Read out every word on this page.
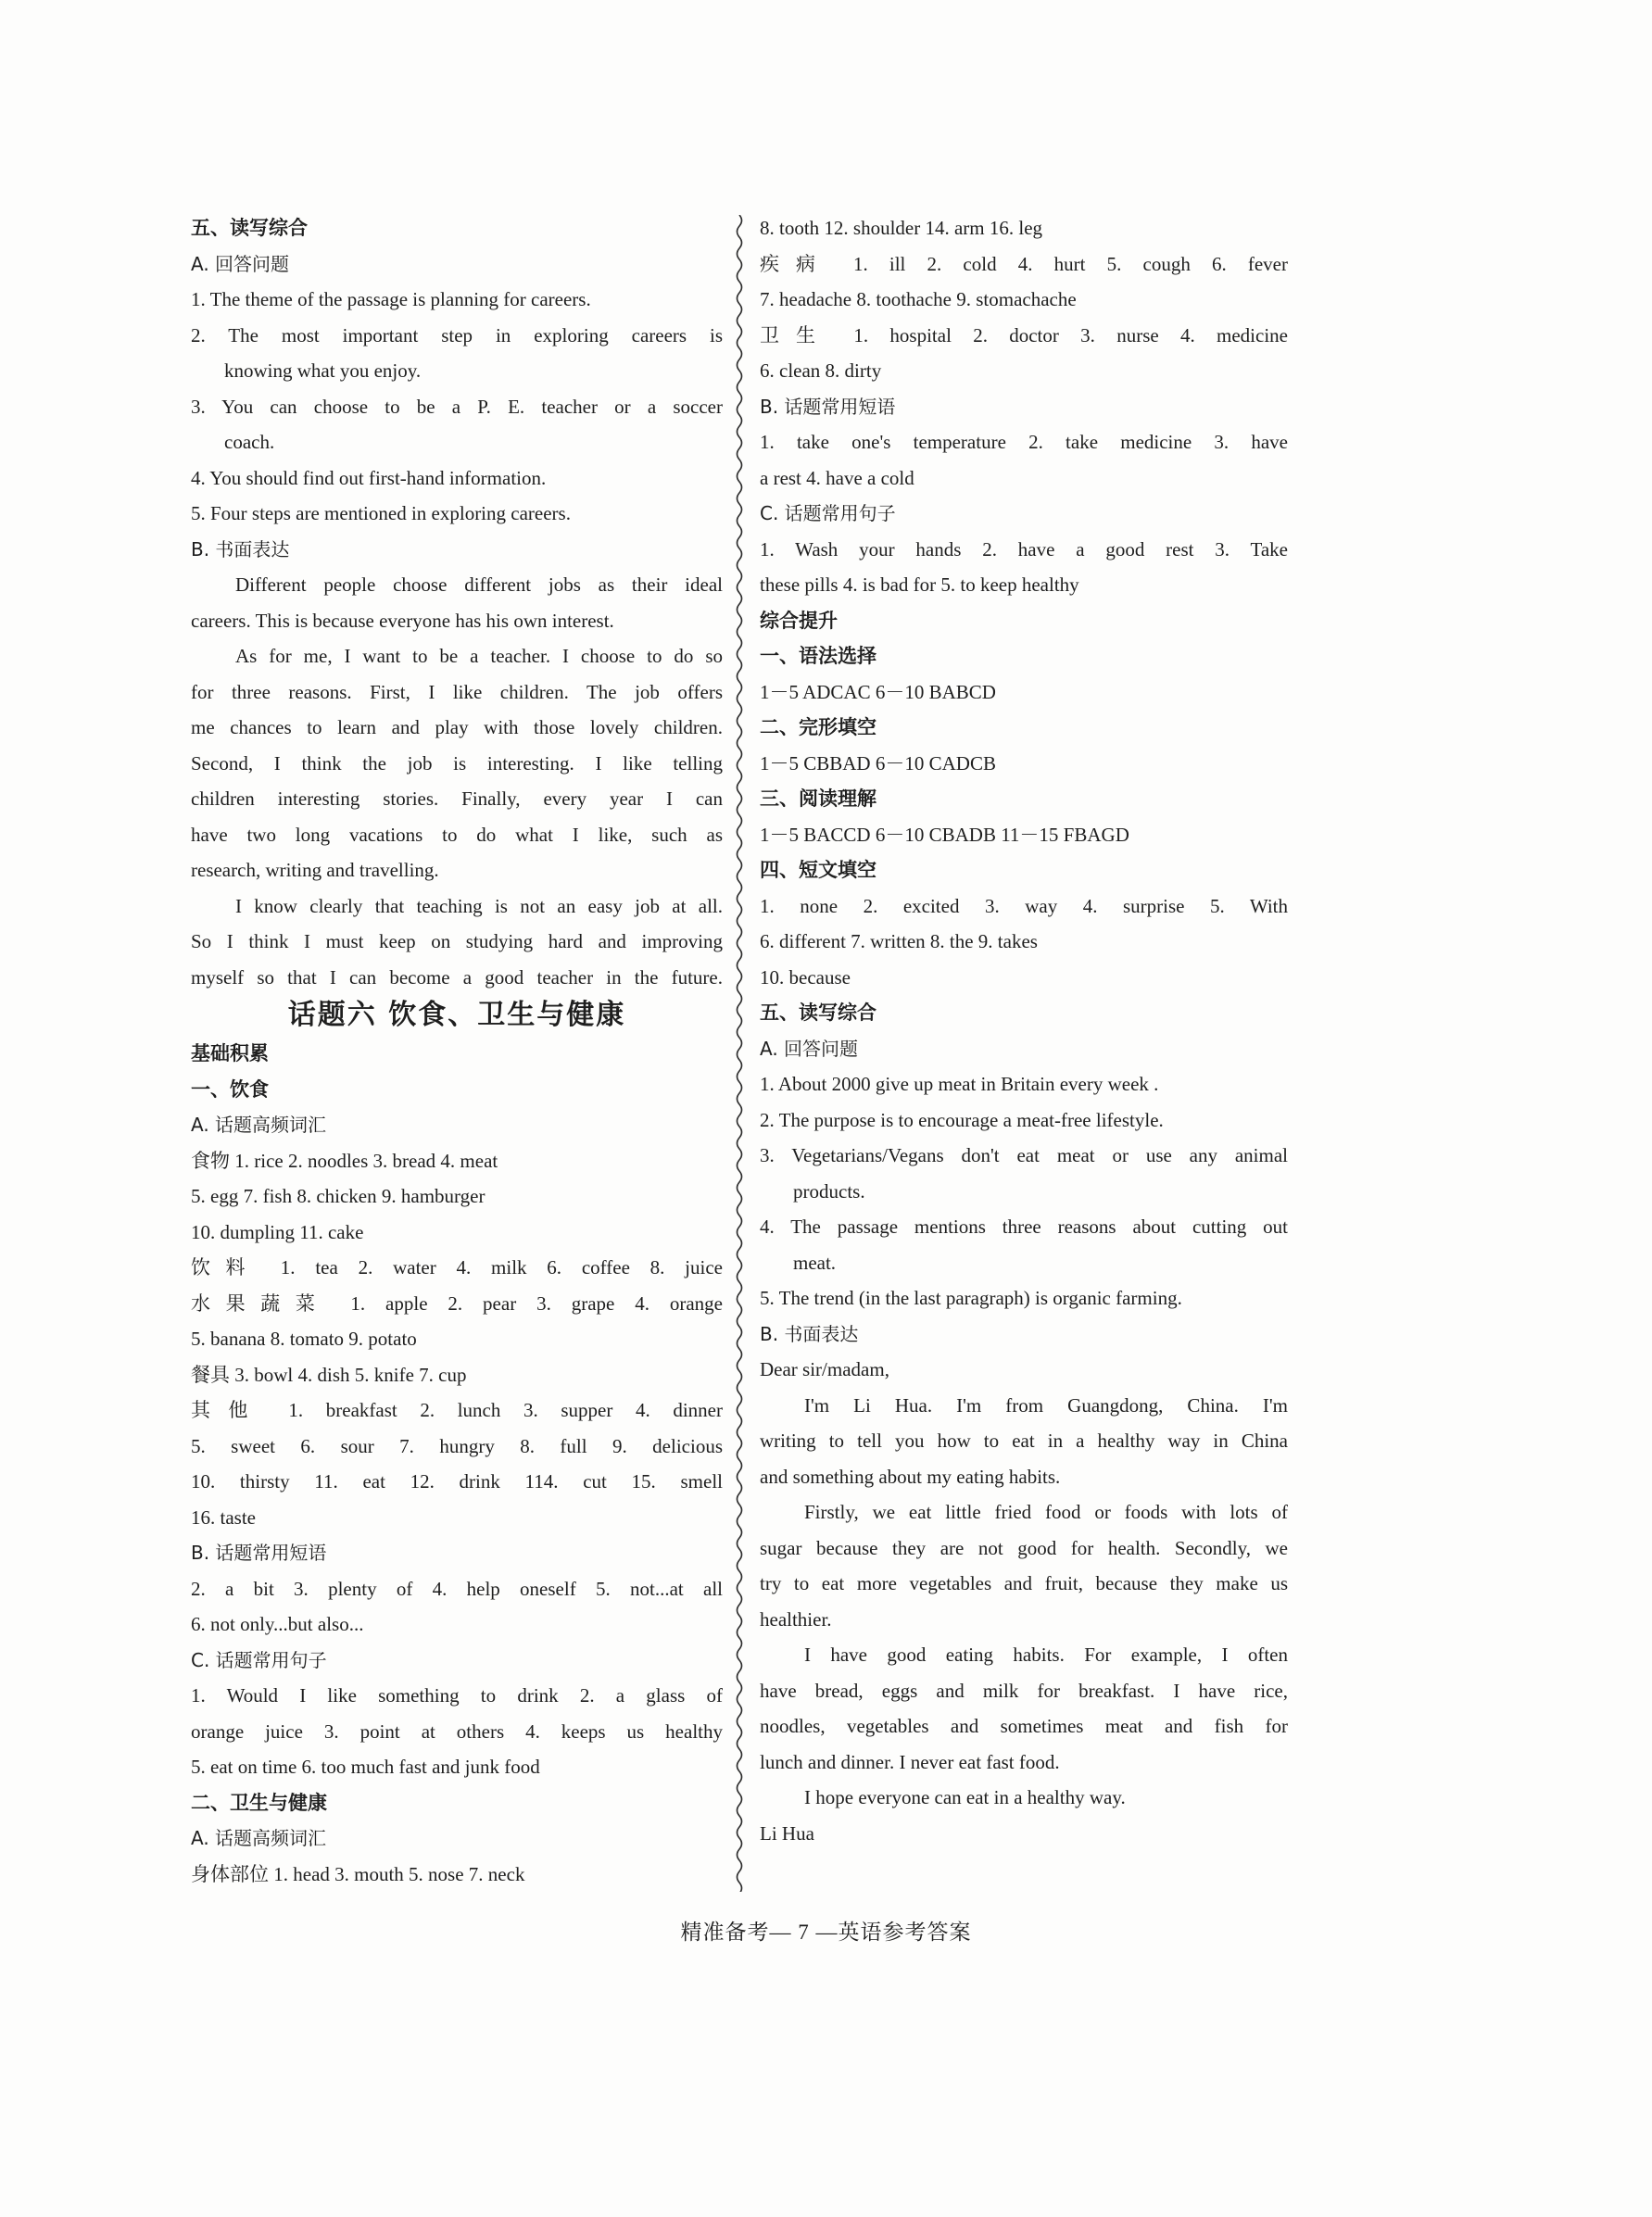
五、读写综合
A. 回答问题
1. The theme of the passage is planning for careers.
2. The most important step in exploring careers is
knowing what you enjoy.
3. You can choose to be a P. E. teacher or a soccer
coach.
4. You should find out first-hand information.
5. Four steps are mentioned in exploring careers.
B. 书面表达
Different people choose different jobs as their ideal
careers. This is because everyone has his own interest.
As for me, I want to be a teacher. I choose to do so
for three reasons. First, I like children. The job offers
me chances to learn and play with those lovely children.
Second, I think the job is interesting. I like telling
children interesting stories. Finally, every year I can
have two long vacations to do what I like, such as
research, writing and travelling.
I know clearly that teaching is not an easy job at all.
So I think I must keep on studying hard and improving
myself so that I can become a good teacher in the future.
话题六 饮食、卫生与健康
基础积累
一、饮食
A. 话题高频词汇
食物 1. rice 2. noodles 3. bread 4. meat
5. egg 7. fish 8. chicken 9. hamburger
10. dumpling 11. cake
饮料 1. tea 2. water 4. milk 6. coffee 8. juice
水果蔬菜 1. apple 2. pear 3. grape 4. orange
5. banana 8. tomato 9. potato
餐具 3. bowl 4. dish 5. knife 7. cup
其他 1. breakfast 2. lunch 3. supper 4. dinner
5. sweet 6. sour 7. hungry 8. full 9. delicious
10. thirsty 11. eat 12. drink 114. cut 15. smell
16. taste
B. 话题常用短语
2. a bit 3. plenty of 4. help oneself 5. not...at all
6. not only...but also...
C. 话题常用句子
1. Would I like something to drink 2. a glass of
orange juice 3. point at others 4. keeps us healthy
5. eat on time 6. too much fast and junk food
二、卫生与健康
A. 话题高频词汇
身体部位 1. head 3. mouth 5. nose 7. neck
8. tooth 12. shoulder 14. arm 16. leg
疾病 1. ill 2. cold 4. hurt 5. cough 6. fever
7. headache 8. toothache 9. stomachache
卫生 1. hospital 2. doctor 3. nurse 4. medicine
6. clean 8. dirty
B. 话题常用短语
1. take one's temperature 2. take medicine 3. have
a rest 4. have a cold
C. 话题常用句子
1. Wash your hands 2. have a good rest 3. Take
these pills 4. is bad for 5. to keep healthy
综合提升
一、语法选择
1－5 ADCAC 6－10 BABCD
二、完形填空
1－5 CBBAD 6－10 CADCB
三、阅读理解
1－5 BACCD 6－10 CBADB 11－15 FBAGD
四、短文填空
1. none 2. excited 3. way 4. surprise 5. With
6. different 7. written 8. the 9. takes
10. because
五、读写综合
A. 回答问题
1. About 2000 give up meat in Britain every week .
2. The purpose is to encourage a meat-free lifestyle.
3. Vegetarians/Vegans don't eat meat or use any animal
products.
4. The passage mentions three reasons about cutting out
meat.
5. The trend (in the last paragraph) is organic farming.
B. 书面表达
Dear sir/madam,
I'm Li Hua. I'm from Guangdong, China. I'm
writing to tell you how to eat in a healthy way in China
and something about my eating habits.
Firstly, we eat little fried food or foods with lots of
sugar because they are not good for health. Secondly, we
try to eat more vegetables and fruit, because they make us
healthier.
I have good eating habits. For example, I often
have bread, eggs and milk for breakfast. I have rice,
noodles, vegetables and sometimes meat and fish for
lunch and dinner. I never eat fast food.
I hope everyone can eat in a healthy way.
Li Hua
精准备考— 7 —英语参考答案
